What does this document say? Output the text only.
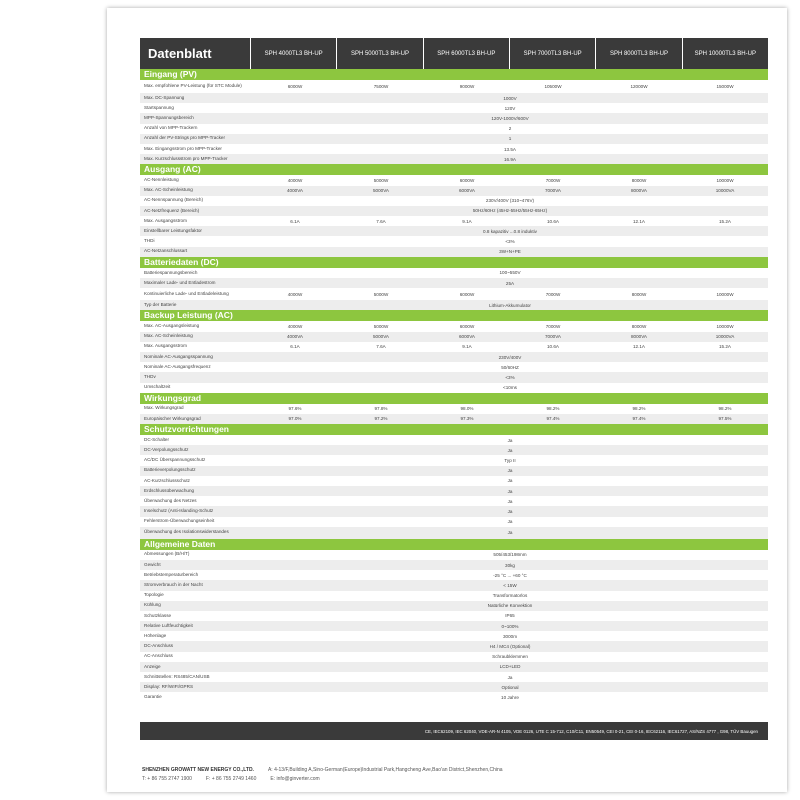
Datenblatt	SPH 4000TL3 BH-UP	SPH 5000TL3 BH-UP	SPH 6000TL3 BH-UP	SPH 7000TL3 BH-UP	SPH 8000TL3 BH-UP	SPH 10000TL3 BH-UP
Eingang (PV)
Max. empfohlene PV-Leistung (für STC Module)	6000W	7500W	9000W	10500W	12000W	15000W
Max. DC-Spannung	1000V
Startspannung	120V
MPP-Spannungsbereich	120V-1000V/600V
Anzahl von MPP-Trackern	2
Anzahl der PV-Strings pro MPP-Tracker	1
Max. Eingangsstrom pro MPP-Tracker	13.5A
Max. Kurzschlussstrom pro MPP-Tracker	16.9A
Ausgang (AC)
AC-Nennleistung	4000W	5000W	6000W	7000W	8000W	10000W
Max. AC-Scheinleistung	4000VA	5000VA	6000VA	7000VA	8000VA	10000VA
AC-Nennspannung (Bereich)	230V/400V (310~476V)
AC-Netzfrequenz (Bereich)	50Hz/60Hz (45Hz-55Hz/55Hz-65Hz)
Max. Ausgangsstrom	6.1A	7.6A	9.1A	10.6A	12.1A	15.2A
Einstellbarer Leistungsfaktor	0.8 kapazitiv ...0.8 induktiv
THDi	<3%
AC-Netzanschlussart	3W+N+PE
Batteriedaten (DC)
Batteriespannungsbereich	100~550V
Maximaler Lade- und Entladestrom	25A
Kontinuierliche Lade- und Entladeleistung	4000W	5000W	6000W	7000W	8000W	10000W
Typ der Batterie	Lithium-Akkumulator
Backup Leistung (AC)
Max. AC-Ausgangsleistung	4000W	5000W	6000W	7000W	8000W	10000W
Max. AC-Scheinleistung	4000VA	5000VA	6000VA	7000VA	8000VA	10000VA
Max. Ausgangsstrom	6.1A	7.6A	9.1A	10.6A	12.1A	15.2A
Nominale AC-Ausgangsspannung	230V/400V
Nominale AC-Ausgangsfrequenz	50/60HZ
THDv	<3%
Umschaltzeit	<10ms
Wirkungsgrad
Max. Wirkungsgrad	97.6%	97.8%	98.0%	98.2%	98.2%	98.2%
Europäischer Wirkungsgrad	97.0%	97.2%	97.3%	97.4%	97.4%	97.5%
Schutzvorrichtungen
DC-Schalter	Ja
DC-Verpolungsschutz	Ja
AC/DC Überspannungsschutz	Typ II
Batterieverpolungsschutz	Ja
AC-Kurzschlussschutz	Ja
Erdschlussüberwachung	Ja
Überwachung des Netzes	Ja
Inselschutz (Anti-Islanding-Schutz	Ja
Fehlerstrom-Überwachungseinheit	Ja
Überwachung des Isolationswiderstandes	Ja
Allgemeine Daten
Abmessungen (B/H/T)	505/453/198mm
Gewicht	30kg
Betriebstemperaturbereich	-25 °C ... +60 °C
Stromverbrauch in der Nacht	< 15W
Topologie	Transformatorlos
Kühlung	Natürliche Konvektion
Schutzklasse	IP65
Relative Luftfeuchtigkeit	0~100%
Höhenlage	3000m
DC-Anschluss	H4 / MC4 (Optional)
AC-Anschluss	Schraubklemmen
Anzeige	LCD+LED
Schnittstellen: RS485/CAN/USB	Ja
Display: RF/WIFI/GPRS	Optional
Garantie	10 Jahre
CE, IEC62109, IEC 62040, VDE-AR-N 4105, VDE 0126, UTE C 15-712, C10/C11, EN50549, CEI 0-21, CEI 0-16, IEC62116, IEC61727, AS/NZS 4777 , G98, TÜV Bauugen
SHENZHEN GROWATT NEW ENERGY CO.,LTD.	A: 4-13/F,Building A,Sino-German(Europe)Industrial Park,Hangcheng Ave,Bao'an District,Shenzhen,China
T: + 86 755 2747 1900	F: + 86 755 2749 1460	E: info@ginverter.com
